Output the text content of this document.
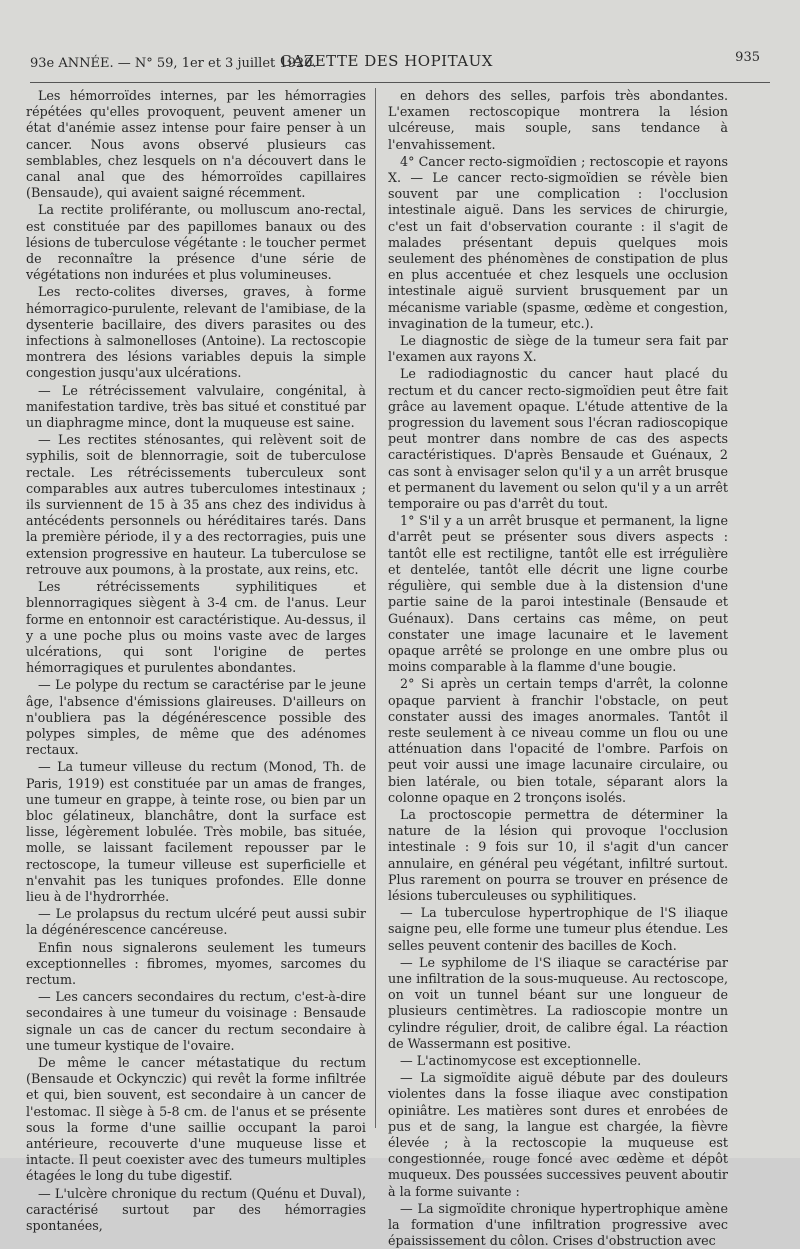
93e ANNÉE. — N° 59, 1er et 3 juillet 1920.
GAZETTE DES HOPITAUX	935

Les hémorroïdes internes, par les hémorragies répétées qu'elles provoquent, peuvent amener un état d'anémie assez intense pour faire penser à un cancer. Nous avons observé plusieurs cas semblables, chez lesquels on n'a découvert dans le canal anal que des hémorroïdes capillaires (Bensaude), qui avaient saigné récemment.

La rectite proliférante, ou molluscum ano-rectal, est constituée par des papillomes banaux ou des lésions de tuberculose végétante : le toucher permet de reconnaître la présence d'une série de végétations non indurées et plus volumineuses.

Les recto-colites diverses, graves, à forme hémorragico-purulente, relevant de l'amibiase, de la dysenterie bacillaire, des divers parasites ou des infections à salmonelloses (Antoine). La rectoscopie montrera des lésions variables depuis la simple congestion jusqu'aux ulcérations.

— Le rétrécissement valvulaire, congénital, à manifestation tardive, très bas situé et constitué par un diaphragme mince, dont la muqueuse est saine.

— Les rectites sténosantes, qui relèvent soit de syphilis, soit de blennorragie, soit de tuberculose rectale. Les rétrécissements tuberculeux sont comparables aux autres tuberculomes intestinaux ; ils surviennent de 15 à 35 ans chez des individus à antécédents personnels ou héréditaires tarés. Dans la première période, il y a des rectorragies, puis une extension progressive en hauteur. La tuberculose se retrouve aux poumons, à la prostate, aux reins, etc.

Les rétrécissements syphilitiques et blennorragiques siègent à 3-4 cm. de l'anus. Leur forme en entonnoir est caractéristique. Au-dessus, il y a une poche plus ou moins vaste avec de larges ulcérations, qui sont l'origine de pertes hémorragiques et purulentes abondantes.

— Le polype du rectum se caractérise par le jeune âge, l'absence d'émissions glaireuses. D'ailleurs on n'oubliera pas la dégénérescence possible des polypes simples, de même que des adénomes rectaux.

— La tumeur villeuse du rectum (Monod, Th. de Paris, 1919) est constituée par un amas de franges, une tumeur en grappe, à teinte rose, ou bien par un bloc gélatineux, blanchâtre, dont la surface est lisse, légèrement lobulée. Très mobile, bas située, molle, se laissant facilement repousser par le rectoscope, la tumeur villeuse est superficielle et n'envahit pas les tuniques profondes. Elle donne lieu à de l'hydrorrhée.

— Le prolapsus du rectum ulcéré peut aussi subir la dégénérescence cancéreuse.

Enfin nous signalerons seulement les tumeurs exceptionnelles : fibromes, myomes, sarcomes du rectum.

— Les cancers secondaires du rectum, c'est-à-dire secondaires à une tumeur du voisinage : Bensaude signale un cas de cancer du rectum secondaire à une tumeur kystique de l'ovaire.

De même le cancer métastatique du rectum (Bensaude et Ockynczic) qui revêt la forme infiltrée et qui, bien souvent, est secondaire à un cancer de l'estomac. Il siège à 5-8 cm. de l'anus et se présente sous la forme d'une saillie occupant la paroi antérieure, recouverte d'une muqueuse lisse et intacte. Il peut coexister avec des tumeurs multiples étagées le long du tube digestif.

— L'ulcère chronique du rectum (Quénu et Duval), caractérisé surtout par des hémorragies spontanées,

en dehors des selles, parfois très abondantes. L'examen rectoscopique montrera la lésion ulcéreuse, mais souple, sans tendance à l'envahissement.

4° Cancer recto-sigmoïdien ; rectoscopie et rayons X. — Le cancer recto-sigmoïdien se révèle bien souvent par une complication : l'occlusion intestinale aiguë. Dans les services de chirurgie, c'est un fait d'observation courante : il s'agit de malades présentant depuis quelques mois seulement des phénomènes de constipation de plus en plus accentuée et chez lesquels une occlusion intestinale aiguë survient brusquement par un mécanisme variable (spasme, œdème et congestion, invagination de la tumeur, etc.).

Le diagnostic de siège de la tumeur sera fait par l'examen aux rayons X.

Le radiodiagnostic du cancer haut placé du rectum et du cancer recto-sigmoïdien peut être fait grâce au lavement opaque. L'étude attentive de la progression du lavement sous l'écran radioscopique peut montrer dans nombre de cas des aspects caractéristiques. D'après Bensaude et Guénaux, 2 cas sont à envisager selon qu'il y a un arrêt brusque et permanent du lavement ou selon qu'il y a un arrêt temporaire ou pas d'arrêt du tout.

1° S'il y a un arrêt brusque et permanent, la ligne d'arrêt peut se présenter sous divers aspects : tantôt elle est rectiligne, tantôt elle est irrégulière et dentelée, tantôt elle décrit une ligne courbe régulière, qui semble due à la distension d'une partie saine de la paroi intestinale (Bensaude et Guénaux). Dans certains cas même, on peut constater une image lacunaire et le lavement opaque arrêté se prolonge en une ombre plus ou moins comparable à la flamme d'une bougie.

2° Si après un certain temps d'arrêt, la colonne opaque parvient à franchir l'obstacle, on peut constater aussi des images anormales. Tantôt il reste seulement à ce niveau comme un flou ou une atténuation dans l'opacité de l'ombre. Parfois on peut voir aussi une image lacunaire circulaire, ou bien latérale, ou bien totale, séparant alors la colonne opaque en 2 tronçons isolés.

La proctoscopie permettra de déterminer la nature de la lésion qui provoque l'occlusion intestinale : 9 fois sur 10, il s'agit d'un cancer annulaire, en général peu végétant, infiltré surtout. Plus rarement on pourra se trouver en présence de lésions tuberculeuses ou syphilitiques.

— La tuberculose hypertrophique de l'S iliaque saigne peu, elle forme une tumeur plus étendue. Les selles peuvent contenir des bacilles de Koch.

— Le syphilome de l'S iliaque se caractérise par une infiltration de la sous-muqueuse. Au rectoscope, on voit un tunnel béant sur une longueur de plusieurs centimètres. La radioscopie montre un cylindre régulier, droit, de calibre égal. La réaction de Wassermann est positive.

— L'actinomycose est exceptionnelle.

— La sigmoïdite aiguë débute par des douleurs violentes dans la fosse iliaque avec constipation opiniâtre. Les matières sont dures et enrobées de pus et de sang, la langue est chargée, la fièvre élevée ; à la rectoscopie la muqueuse est congestionnée, rouge foncé avec œdème et dépôt muqueux. Des poussées successives peuvent aboutir à la forme suivante :

— La sigmoïdite chronique hypertrophique amène la formation d'une infiltration progressive avec épaississement du côlon. Crises d'obstruction avec
